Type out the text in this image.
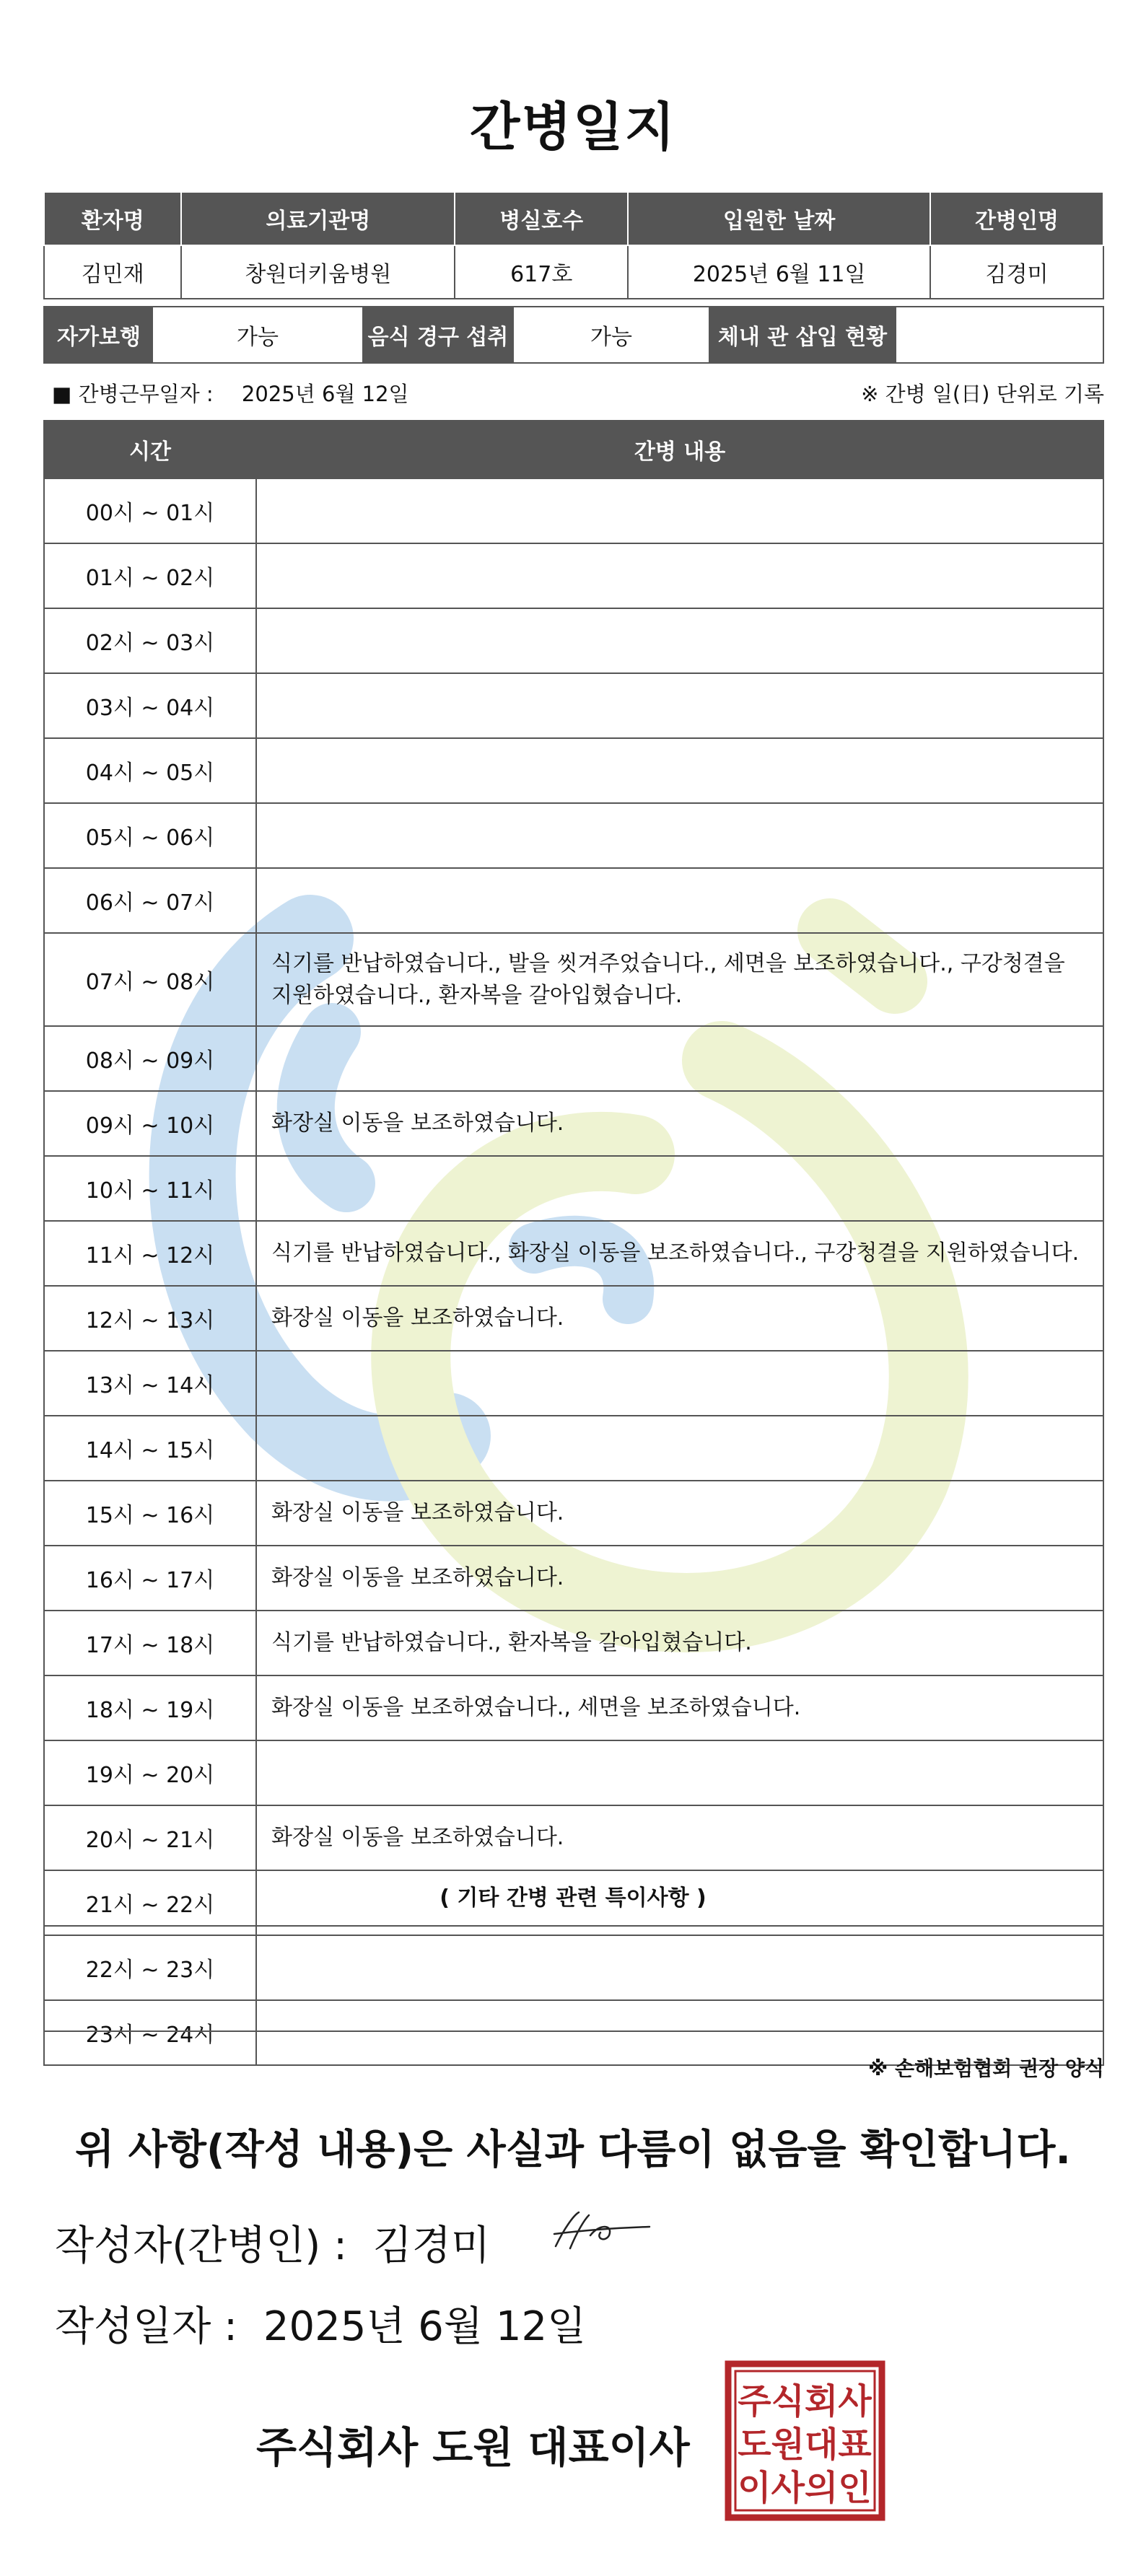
간병일지
환자명	의료기관명	병실호수	입원한 날짜	간병인명
김민재	창원더키움병원	617호	2025년 6월 11일	김경미
자가보행	가능	음식 경구 섭취	가능	체내 관 삽입 현황
■ 간병근무일자 : 2025년 6월 12일	※ 간병 일(日) 단위로 기록
시간	간병 내용
00시 ~ 01시	
01시 ~ 02시	
02시 ~ 03시	
03시 ~ 04시	
04시 ~ 05시	
05시 ~ 06시	
06시 ~ 07시	
07시 ~ 08시	식기를 반납하였습니다., 발을 씻겨주었습니다., 세면을 보조하였습니다., 구강청결을 지원하였습니다., 환자복을 갈아입혔습니다.
08시 ~ 09시	
09시 ~ 10시	화장실 이동을 보조하였습니다.
10시 ~ 11시	
11시 ~ 12시	식기를 반납하였습니다., 화장실 이동을 보조하였습니다., 구강청결을 지원하였습니다.
12시 ~ 13시	화장실 이동을 보조하였습니다.
13시 ~ 14시	
14시 ~ 15시	
15시 ~ 16시	화장실 이동을 보조하였습니다.
16시 ~ 17시	화장실 이동을 보조하였습니다.
17시 ~ 18시	식기를 반납하였습니다., 환자복을 갈아입혔습니다.
18시 ~ 19시	화장실 이동을 보조하였습니다., 세면을 보조하였습니다.
19시 ~ 20시	
20시 ~ 21시	화장실 이동을 보조하였습니다.
21시 ~ 22시	
22시 ~ 23시	
23시 ~ 24시	
( 기타 간병 관련 특이사항 )
※ 손해보험협회 권장 양식
위 사항(작성 내용)은 사실과 다름이 없음을 확인합니다.
작성자(간병인) : 김경미
작성일자 : 2025년 6월 12일
주식회사 도원 대표이사
주식회사
도원대표
이사의인
